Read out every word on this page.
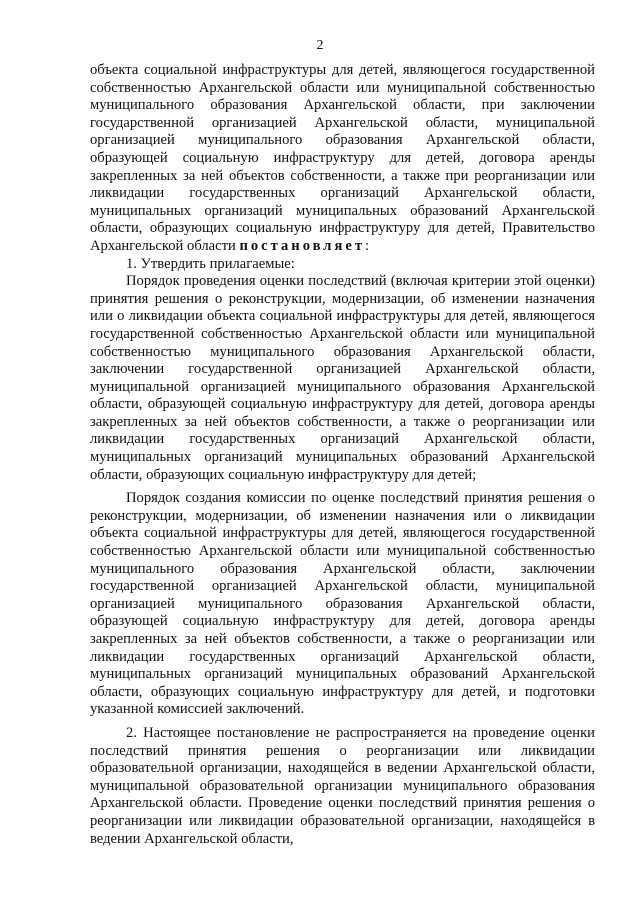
2

объекта социальной инфраструктуры для детей, являющегося государственной собственностью Архангельской области или муниципальной собственностью муниципального образования Архангельской области, при заключении государственной организацией Архангельской области, муниципальной организацией муниципального образования Архангельской области, образующей социальную инфраструктуру для детей, договора аренды закрепленных за ней объектов собственности, а также при реорганизации или ликвидации государственных организаций Архангельской области, муниципальных организаций муниципальных образований Архангельской области, образующих социальную инфраструктуру для детей, Правительство Архангельской области постановляет:

1. Утвердить прилагаемые:

Порядок проведения оценки последствий (включая критерии этой оценки) принятия решения о реконструкции, модернизации, об изменении назначения или о ликвидации объекта социальной инфраструктуры для детей, являющегося государственной собственностью Архангельской области или муниципальной собственностью муниципального образования Архангельской области, заключении государственной организацией Архангельской области, муниципальной организацией муниципального образования Архангельской области, образующей социальную инфраструктуру для детей, договора аренды закрепленных за ней объектов собственности, а также о реорганизации или ликвидации государственных организаций Архангельской области, муниципальных организаций муниципальных образований Архангельской области, образующих социальную инфраструктуру для детей;

Порядок создания комиссии по оценке последствий принятия решения о реконструкции, модернизации, об изменении назначения или о ликвидации объекта социальной инфраструктуры для детей, являющегося государственной собственностью Архангельской области или муниципальной собственностью муниципального образования Архангельской области, заключении государственной организацией Архангельской области, муниципальной организацией муниципального образования Архангельской области, образующей социальную инфраструктуру для детей, договора аренды закрепленных за ней объектов собственности, а также о реорганизации или ликвидации государственных организаций Архангельской области, муниципальных организаций муниципальных образований Архангельской области, образующих социальную инфраструктуру для детей, и подготовки указанной комиссией заключений.

2. Настоящее постановление не распространяется на проведение оценки последствий принятия решения о реорганизации или ликвидации образовательной организации, находящейся в ведении Архангельской области, муниципальной образовательной организации муниципального образования Архангельской области. Проведение оценки последствий принятия решения о реорганизации или ликвидации образовательной организации, находящейся в ведении Архангельской области,
